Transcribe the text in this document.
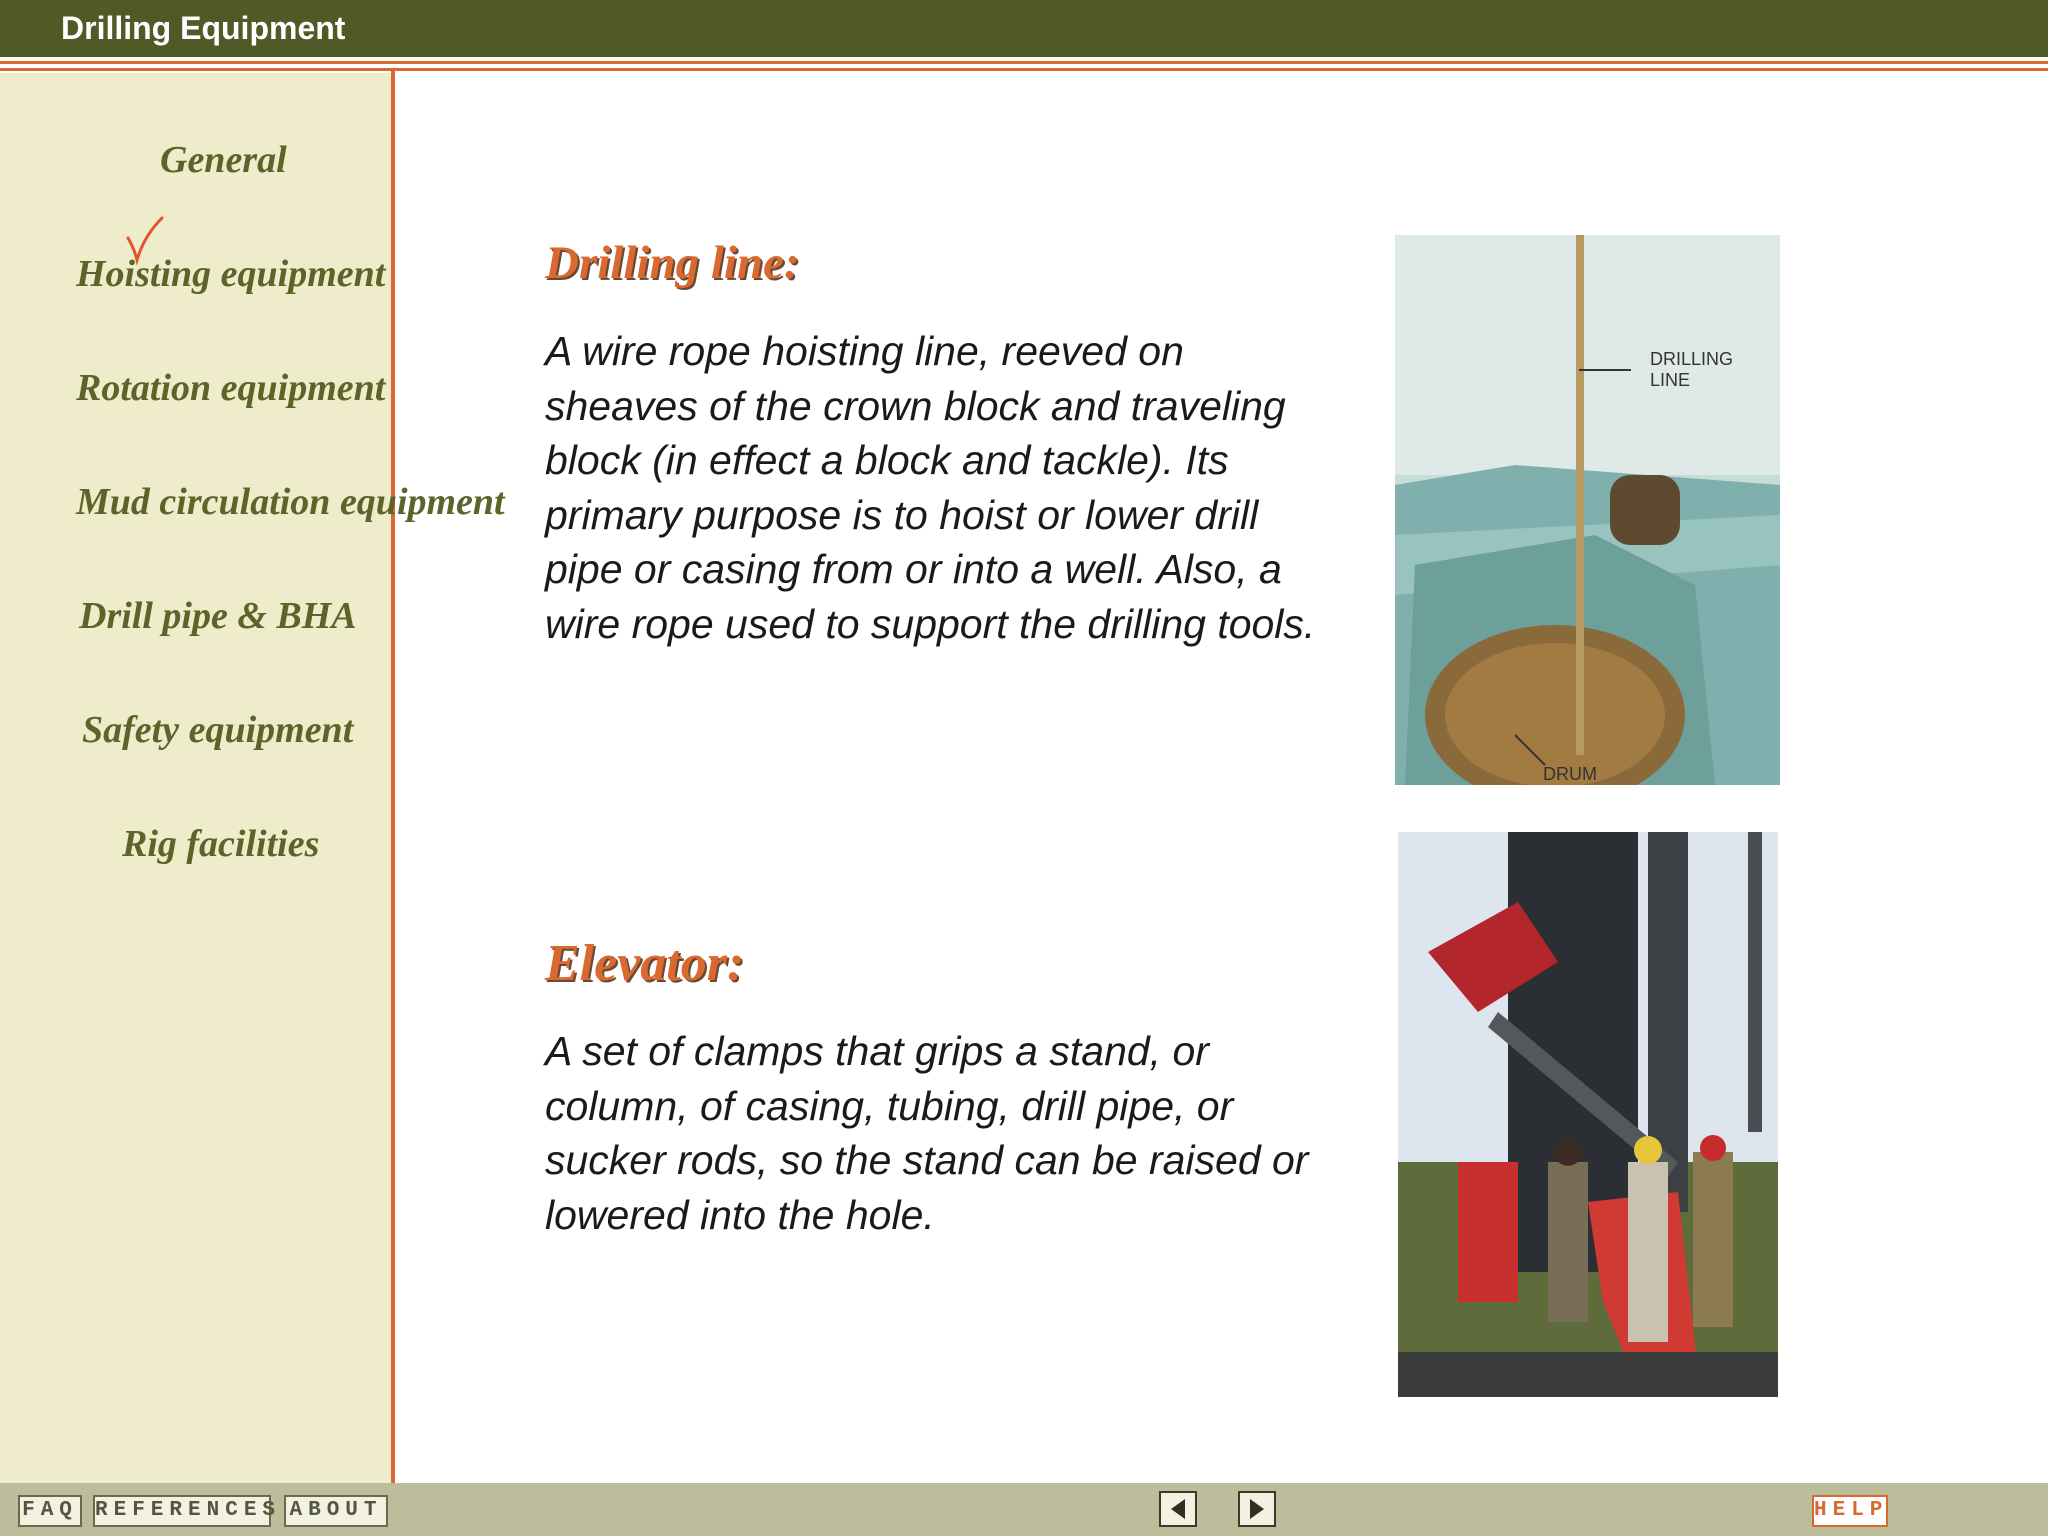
Drilling Equipment
General
Hoisting equipment
Rotation equipment
Mud circulation equipment
Drill pipe & BHA
Safety equipment
Rig facilities
Drilling line:
A wire rope hoisting line, reeved on sheaves of the crown block and traveling block (in effect a block and tackle). Its primary purpose is to hoist or lower drill pipe or casing from or into a well. Also, a wire rope used to support the drilling tools.
DRILLING
LINE
DRUM
Elevator:
A set of clamps that grips a stand, or column, of casing, tubing, drill pipe, or sucker rods, so the stand can be raised or lowered into the hole.
FAQ REFERENCES ABOUT	HELP
